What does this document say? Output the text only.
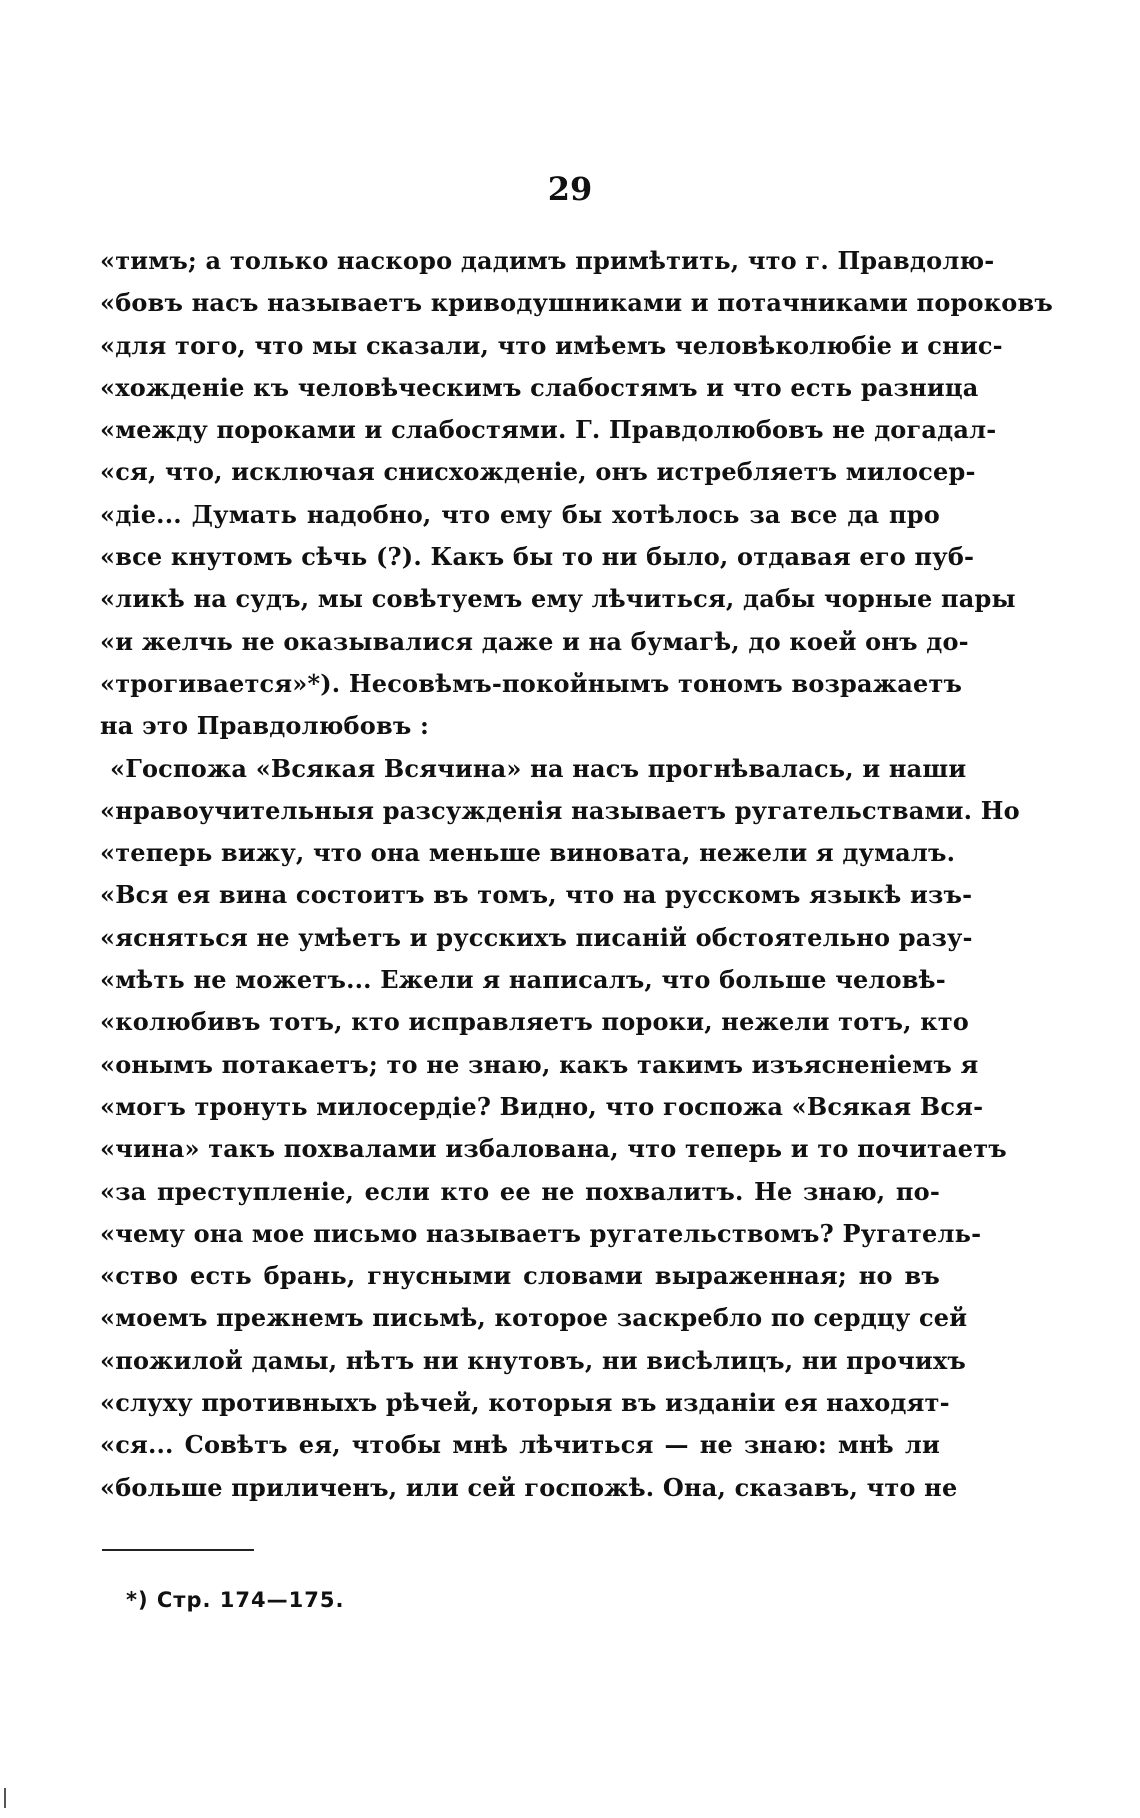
29
«тимъ; а только наскоро дадимъ примѣтить, что г. Правдолю-
«бовъ насъ называетъ криводушниками и потачниками пороковъ
«для того, что мы сказали, что имѣемъ человѣколюбіе и снис-
«хожденіе къ человѣческимъ слабостямъ и что есть разница
«между пороками и слабостями. Г. Правдолюбовъ не догадал-
«ся, что, исключая снисхожденіе, онъ истребляетъ милосер-
«діе... Думать надобно, что ему бы хотѣлось за все да про
«все кнутомъ сѣчь (?). Какъ бы то ни было, отдавая его пуб-
«ликѣ на судъ, мы совѣтуемъ ему лѣчиться, дабы чорные пары
«и желчь не оказывалися даже и на бумагѣ, до коей онъ до-
«трогивается»*). Несовѣмъ-покойнымъ тономъ возражаетъ
на это Правдолюбовъ :
«Госпожа «Всякая Всячина» на насъ прогнѣвалась, и наши
«нравоучительныя разсужденія называетъ ругательствами. Но
«теперь вижу, что она меньше виновата, нежели я думалъ.
«Вся ея вина состоитъ въ томъ, что на русскомъ языкѣ изъ-
«ясняться не умѣетъ и русскихъ писаній обстоятельно разу-
«мѣть не можетъ... Ежели я написалъ, что больше человѣ-
«колюбивъ тотъ, кто исправляетъ пороки, нежели тотъ, кто
«онымъ потакаетъ; то не знаю, какъ такимъ изъясненіемъ я
«могъ тронуть милосердіе? Видно, что госпожа «Всякая Вся-
«чина» такъ похвалами избалована, что теперь и то почитаетъ
«за преступленіе, если кто ее не похвалитъ. Не знаю, по-
«чему она мое письмо называетъ ругательствомъ? Ругатель-
«ство есть брань, гнусными словами выраженная; но въ
«моемъ прежнемъ письмѣ, которое заскребло по сердцу сей
«пожилой дамы, нѣтъ ни кнутовъ, ни висѣлицъ, ни прочихъ
«слуху противныхъ рѣчей, которыя въ изданіи ея находят-
«ся... Совѣтъ ея, чтобы мнѣ лѣчиться — не знаю: мнѣ ли
«больше приличенъ, или сей госпожѣ. Она, сказавъ, что не
*) Стр. 174—175.
